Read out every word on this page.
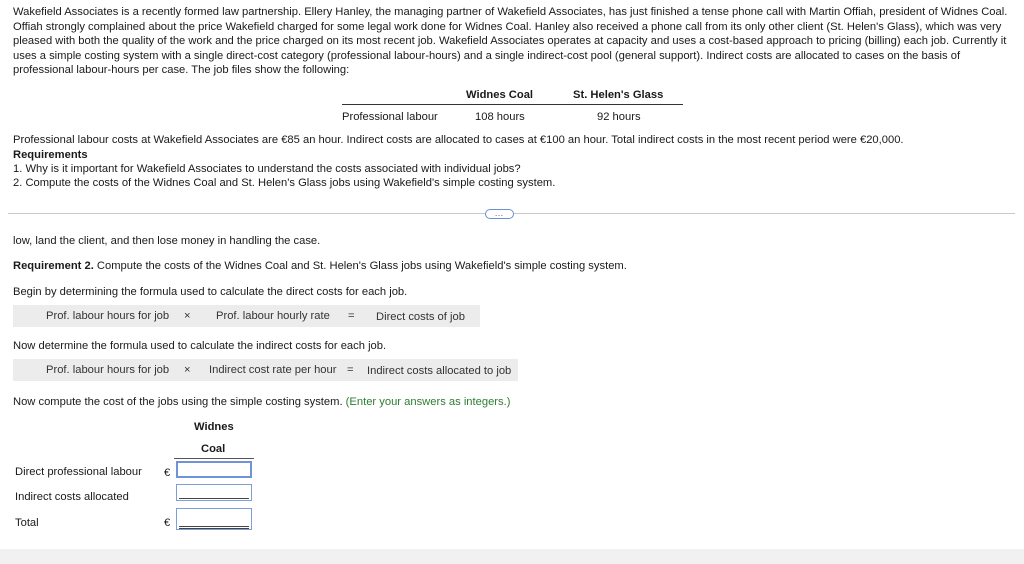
Wakefield Associates is a recently formed law partnership. Ellery Hanley, the managing partner of Wakefield Associates, has just finished a tense phone call with Martin Offiah, president of Widnes Coal. Offiah strongly complained about the price Wakefield charged for some legal work done for Widnes Coal. Hanley also received a phone call from its only other client (St. Helen's Glass), which was very pleased with both the quality of the work and the price charged on its most recent job. Wakefield Associates operates at capacity and uses a cost-based approach to pricing (billing) each job. Currently it uses a simple costing system with a single direct-cost category (professional labour-hours) and a single indirect-cost pool (general support). Indirect costs are allocated to cases on the basis of professional labour-hours per case. The job files show the following:
Widnes Coal	St. Helen's Glass
Professional labour	108 hours	92 hours
Professional labour costs at Wakefield Associates are €85 an hour. Indirect costs are allocated to cases at €100 an hour. Total indirect costs in the most recent period were €20,000.
Requirements
1. Why is it important for Wakefield Associates to understand the costs associated with individual jobs?
2. Compute the costs of the Widnes Coal and St. Helen's Glass jobs using Wakefield's simple costing system.
…
low, land the client, and then lose money in handling the case.
Requirement 2. Compute the costs of the Widnes Coal and St. Helen's Glass jobs using Wakefield's simple costing system.
Begin by determining the formula used to calculate the direct costs for each job.
Prof. labour hours for job × Prof. labour hourly rate = Direct costs of job
Now determine the formula used to calculate the indirect costs for each job.
Prof. labour hours for job × Indirect cost rate per hour = Indirect costs allocated to job
Now compute the cost of the jobs using the simple costing system. (Enter your answers as integers.)
Widnes
Coal
Direct professional labour €
Indirect costs allocated
Total	€
